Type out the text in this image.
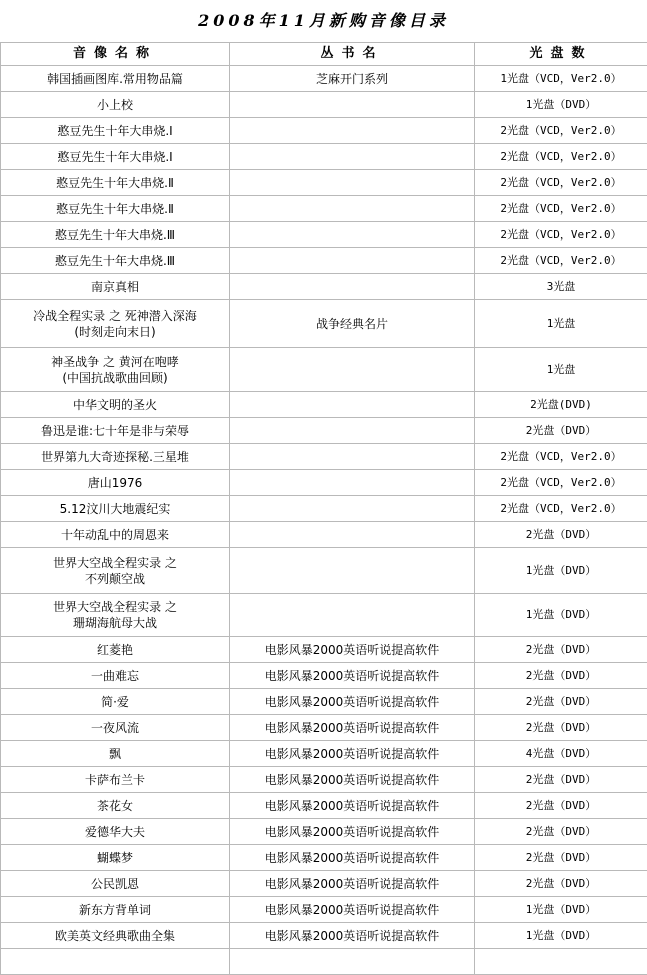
2008年11月新购音像目录
音像名称	丛书名	光盘数
韩国插画图库.常用物品篇	芝麻开门系列	1光盘（VCD，Ver2.0）
小上校		1光盘（DVD）
憨豆先生十年大串烧.Ⅰ		2光盘（VCD，Ver2.0）
憨豆先生十年大串烧.Ⅰ		2光盘（VCD，Ver2.0）
憨豆先生十年大串烧.Ⅱ		2光盘（VCD，Ver2.0）
憨豆先生十年大串烧.Ⅱ		2光盘（VCD，Ver2.0）
憨豆先生十年大串烧.Ⅲ		2光盘（VCD，Ver2.0）
憨豆先生十年大串烧.Ⅲ		2光盘（VCD，Ver2.0）
南京真相		3光盘
冷战全程实录 之 死神潜入深海
(时刻走向末日)	战争经典名片	1光盘
神圣战争 之 黄河在咆哮
(中国抗战歌曲回顾)		1光盘
中华文明的圣火		2光盘(DVD)
鲁迅是谁:七十年是非与荣辱		2光盘（DVD）
世界第九大奇迹探秘.三星堆		2光盘（VCD，Ver2.0）
唐山1976		2光盘（VCD，Ver2.0）
5.12汶川大地震纪实		2光盘（VCD，Ver2.0）
十年动乱中的周恩来		2光盘（DVD）
世界大空战全程实录 之
不列颠空战		1光盘（DVD）
世界大空战全程实录 之
珊瑚海航母大战		1光盘（DVD）
红菱艳	电影风暴2000英语听说提高软件	2光盘（DVD）
一曲难忘	电影风暴2000英语听说提高软件	2光盘（DVD）
简·爱	电影风暴2000英语听说提高软件	2光盘（DVD）
一夜风流	电影风暴2000英语听说提高软件	2光盘（DVD）
飘	电影风暴2000英语听说提高软件	4光盘（DVD）
卡萨布兰卡	电影风暴2000英语听说提高软件	2光盘（DVD）
茶花女	电影风暴2000英语听说提高软件	2光盘（DVD）
爱德华大夫	电影风暴2000英语听说提高软件	2光盘（DVD）
蝴蝶梦	电影风暴2000英语听说提高软件	2光盘（DVD）
公民凯恩	电影风暴2000英语听说提高软件	2光盘（DVD）
新东方背单词	电影风暴2000英语听说提高软件	1光盘（DVD）
欧美英文经典歌曲全集	电影风暴2000英语听说提高软件	1光盘（DVD）
